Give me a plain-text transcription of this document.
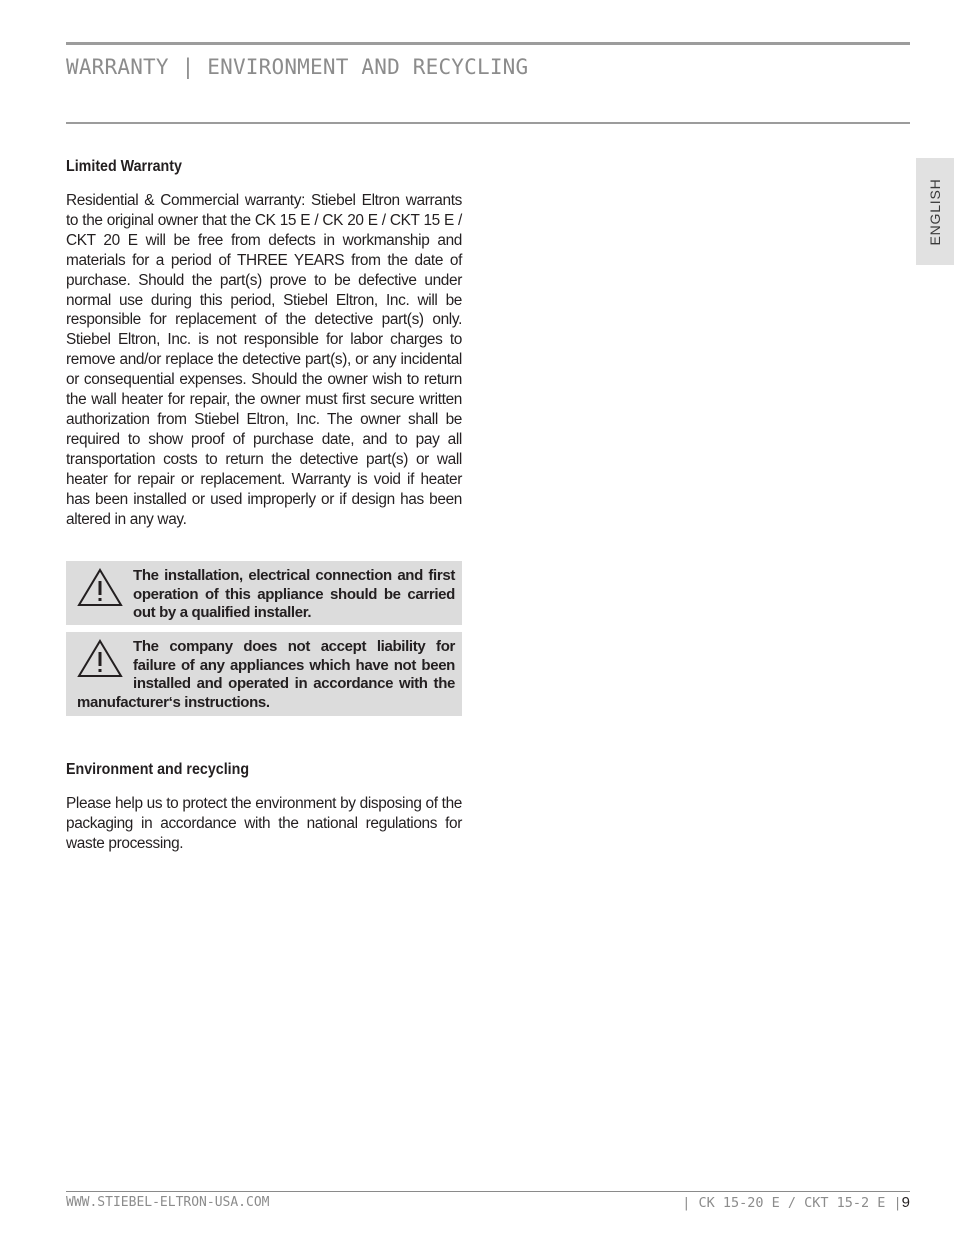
WARRANTY | ENVIRONMENT AND RECYCLING
ENGLISH
Limited Warranty

Residential & Commercial warranty: Stiebel Eltron warrants to the original owner that the CK 15 E / CK 20 E / CKT 15 E / CKT 20 E will be free from defects in workmanship and materials for a period of THREE YEARS from the date of purchase. Should the part(s) prove to be defective under normal use during this period, Stiebel Eltron, Inc. will be responsible for replacement of the detective part(s) only. Stiebel Eltron, Inc. is not responsible for labor charges to remove and/or replace the detective part(s), or any incidental or consequential expenses. Should the owner wish to return the wall heater for repair, the owner must first secure written authorization from Stiebel Eltron, Inc. The owner shall be required to show proof of purchase date, and to pay all transportation costs to return the detective part(s) or wall heater for repair or replacement. Warranty is void if heater has been installed or used improperly or if design has been altered in any way.

The installation, electrical connection and first operation of this appliance should be carried out by a qualified installer.
The company does not accept liability for failure of any appliances which have not been installed and operated in accordance with the manufacturer‘s instructions.
Environment and recycling

Please help us to protect the environment by disposing of the packaging in accordance with the national regulations for waste processing.

WWW.STIEBEL-ELTRON-USA.COM	| CK 15-20 E / CKT 15-2 E |9
